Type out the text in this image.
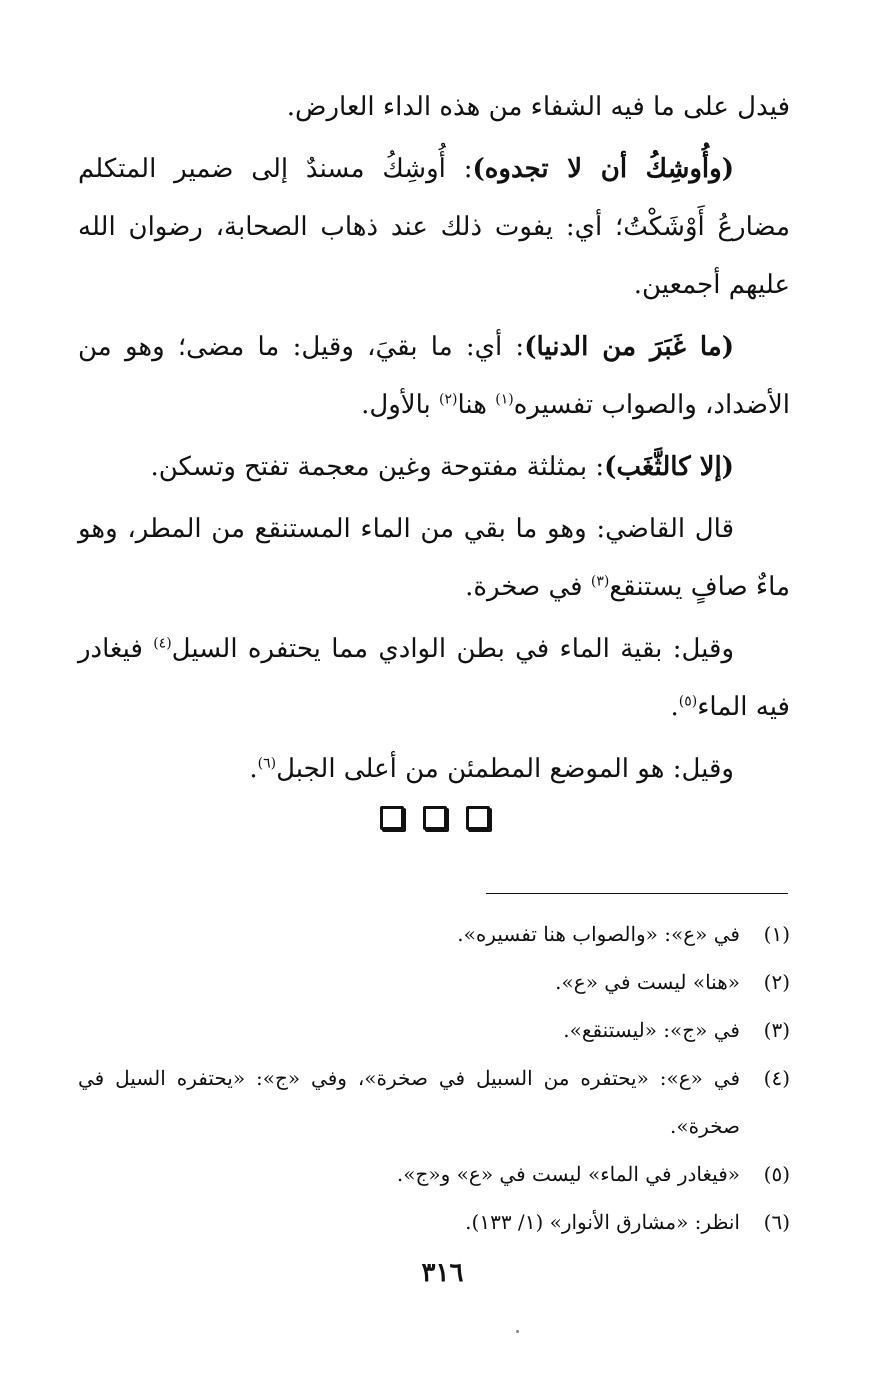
فيدل على ما فيه الشفاء من هذه الداء العارض.

(وأُوشِكُ أن لا تجدوه): أُوشِكُ مسندٌ إلى ضمير المتكلم مضارعُ أَوْشَكْتُ؛ أي: يفوت ذلك عند ذهاب الصحابة، رضوان الله عليهم أجمعين.

(ما غَبَرَ من الدنيا): أي: ما بقيَ، وقيل: ما مضى؛ وهو من الأضداد، والصواب تفسيره$^{(١)}$ هنا$^{(٢)}$ بالأول.

(إلا كالثَّغَب): بمثلثة مفتوحة وغين معجمة تفتح وتسكن.

قال القاضي: وهو ما بقي من الماء المستنقع من المطر، وهو ماءٌ صافٍ يستنقع$^{(٣)}$ في صخرة.

وقيل: بقية الماء في بطن الوادي مما يحتفره السيل$^{(٤)}$ فيغادر فيه الماء$^{(٥)}$.

وقيل: هو الموضع المطمئن من أعلى الجبل$^{(٦)}$.

(١)
في «ع»: «والصواب هنا تفسيره».
(٢)
«هنا» ليست في «ع».
(٣)
في «ج»: «ليستنقع».
(٤)
في «ع»: «يحتفره من السبيل في صخرة»، وفي «ج»: «يحتفره السيل في صخرة».
(٥)
«فيغادر في الماء» ليست في «ع» و«ج».
(٦)
انظر: «مشارق الأنوار» (١/ ١٣٣).
٣١٦
